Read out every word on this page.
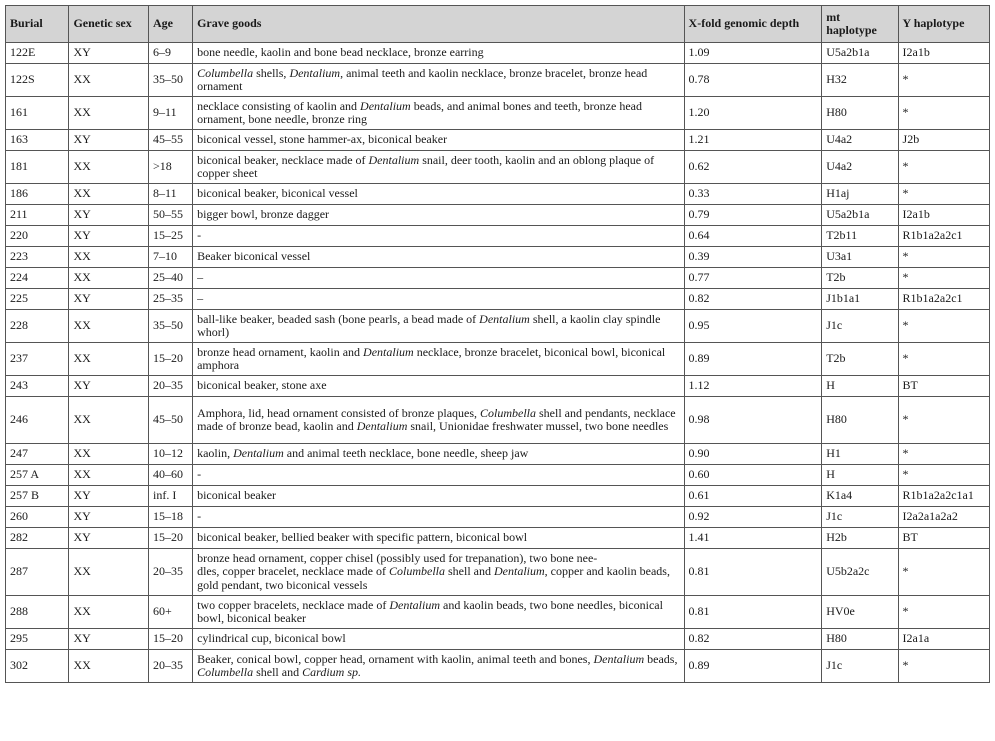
Burial	Genetic sex	Age	Grave goods	X-fold genomic depth	mt haplotype	Y haplotype
122E	XY	6–9	bone needle, kaolin and bone bead necklace, bronze earring	1.09	U5a2b1a	I2a1b
122S	XX	35–50	Columbella shells, Dentalium, animal teeth and kaolin necklace, bronze bracelet, bronze head ornament	0.78	H32	*
161	XX	9–11	necklace consisting of kaolin and Dentalium beads, and animal bones and teeth, bronze head ornament, bone needle, bronze ring	1.20	H80	*
163	XY	45–55	biconical vessel, stone hammer-ax, biconical beaker	1.21	U4a2	J2b
181	XX	>18	biconical beaker, necklace made of Dentalium snail, deer tooth, kaolin and an oblong plaque of copper sheet	0.62	U4a2	*
186	XX	8–11	biconical beaker, biconical vessel	0.33	H1aj	*
211	XY	50–55	bigger bowl, bronze dagger	0.79	U5a2b1a	I2a1b
220	XY	15–25	-	0.64	T2b11	R1b1a2a2c1
223	XX	7–10	Beaker biconical vessel	0.39	U3a1	*
224	XX	25–40	–	0.77	T2b	*
225	XY	25–35	–	0.82	J1b1a1	R1b1a2a2c1
228	XX	35–50	ball-like beaker, beaded sash (bone pearls, a bead made of Dentalium shell, a kaolin clay spindle whorl)	0.95	J1c	*
237	XX	15–20	bronze head ornament, kaolin and Dentalium necklace, bronze bracelet, biconical bowl, biconical amphora	0.89	T2b	*
243	XY	20–35	biconical beaker, stone axe	1.12	H	BT
246	XX	45–50	Amphora, lid, head ornament consisted of bronze plaques, Columbella shell and pendants, necklace made of bronze bead, kaolin and Dentalium snail, Unionidae freshwater mussel, two bone needles	0.98	H80	*
247	XX	10–12	kaolin, Dentalium and animal teeth necklace, bone needle, sheep jaw	0.90	H1	*
257 A	XX	40–60	-	0.60	H	*
257 B	XY	inf. I	biconical beaker	0.61	K1a4	R1b1a2a2c1a1
260	XY	15–18	-	0.92	J1c	I2a2a1a2a2
282	XY	15–20	biconical beaker, bellied beaker with specific pattern, biconical bowl	1.41	H2b	BT
287	XX	20–35	bronze head ornament, copper chisel (possibly used for trepanation), two bone nee-
dles, copper bracelet, necklace made of Columbella shell and Dentalium, copper and kaolin beads, gold pendant, two biconical vessels	0.81	U5b2a2c	*
288	XX	60+	two copper bracelets, necklace made of Dentalium and kaolin beads, two bone needles, biconical bowl, biconical beaker	0.81	HV0e	*
295	XY	15–20	cylindrical cup, biconical bowl	0.82	H80	I2a1a
302	XX	20–35	Beaker, conical bowl, copper head, ornament with kaolin, animal teeth and bones, Dentalium beads, Columbella shell and Cardium sp.	0.89	J1c	*
